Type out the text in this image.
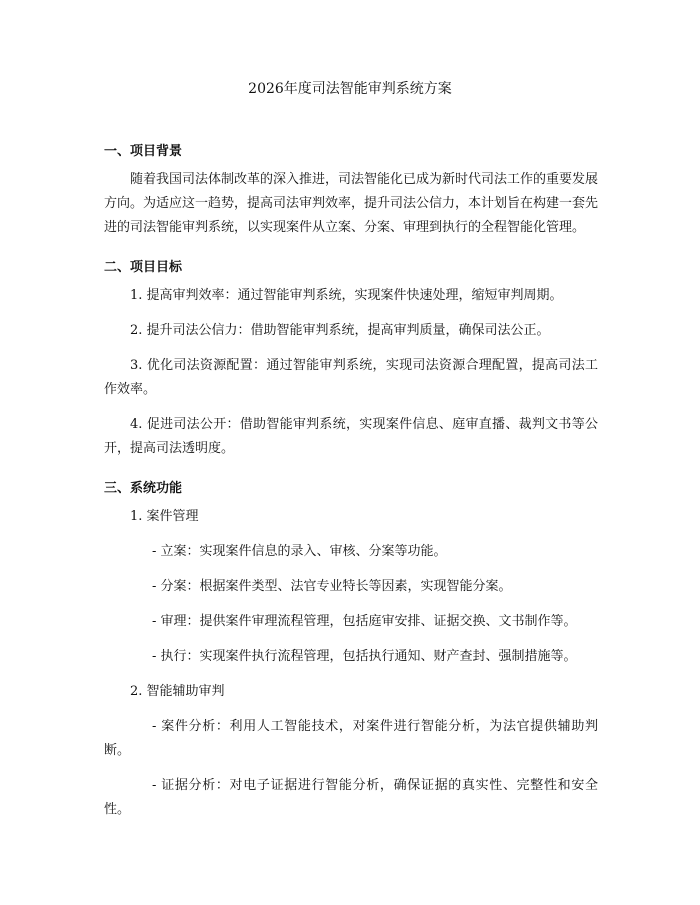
2026年度司法智能审判系统方案
一、项目背景

随着我国司法体制改革的深入推进，司法智能化已成为新时代司法工作的重要发展方向。为适应这一趋势，提高司法审判效率，提升司法公信力，本计划旨在构建一套先进的司法智能审判系统，以实现案件从立案、分案、审理到执行的全程智能化管理。

二、项目目标

1. 提高审判效率：通过智能审判系统，实现案件快速处理，缩短审判周期。

2. 提升司法公信力：借助智能审判系统，提高审判质量，确保司法公正。

3. 优化司法资源配置：通过智能审判系统，实现司法资源合理配置，提高司法工作效率。

4. 促进司法公开：借助智能审判系统，实现案件信息、庭审直播、裁判文书等公开，提高司法透明度。

三、系统功能

1. 案件管理

- 立案：实现案件信息的录入、审核、分案等功能。

- 分案：根据案件类型、法官专业特长等因素，实现智能分案。

- 审理：提供案件审理流程管理，包括庭审安排、证据交换、文书制作等。

- 执行：实现案件执行流程管理，包括执行通知、财产查封、强制措施等。

2. 智能辅助审判

- 案件分析：利用人工智能技术，对案件进行智能分析，为法官提供辅助判断。

- 证据分析：对电子证据进行智能分析，确保证据的真实性、完整性和安全性。
